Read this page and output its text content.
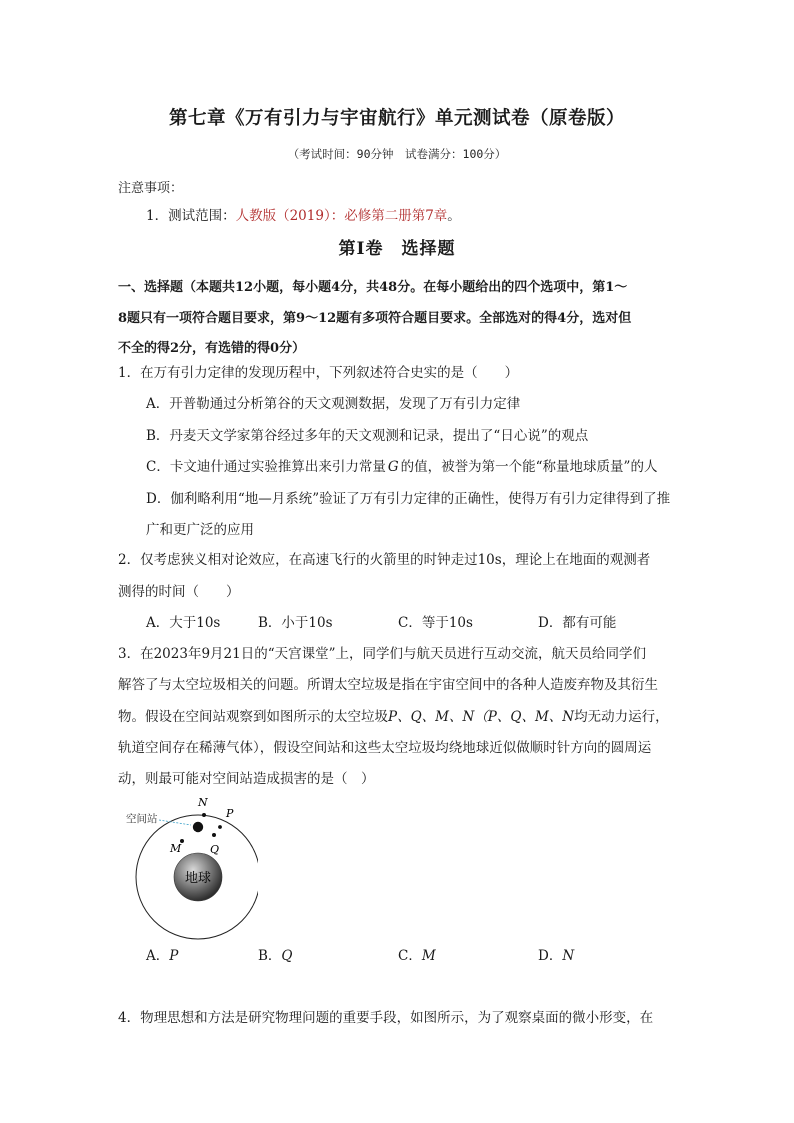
第七章《万有引力与宇宙航行》单元测试卷（原卷版）
（考试时间：90分钟　试卷满分：100分）
注意事项：
1．测试范围：人教版（2019）：必修第二册第7章。
第Ⅰ卷　选择题
一、选择题（本题共12小题，每小题4分，共48分。在每小题给出的四个选项中，第1～
8题只有一项符合题目要求，第9～12题有多项符合题目要求。全部选对的得4分，选对但
不全的得2分，有选错的得0分）
1．在万有引力定律的发现历程中，下列叙述符合史实的是（　　）
A．开普勒通过分析第谷的天文观测数据，发现了万有引力定律
B．丹麦天文学家第谷经过多年的天文观测和记录，提出了“日心说”的观点
C．卡文迪什通过实验推算出来引力常量 G 的值，被誉为第一个能“称量地球质量”的人
D．伽利略利用“地—月系统”验证了万有引力定律的正确性，使得万有引力定律得到了推
广和更广泛的应用
2．仅考虑狭义相对论效应，在高速飞行的火箭里的时钟走过10s，理论上在地面的观测者
测得的时间（　　）
A．大于10s	B．小于10s	C．等于10s	D．都有可能
3．在2023年9月21日的“天宫课堂”上，同学们与航天员进行互动交流，航天员给同学们
解答了与太空垃圾相关的问题。所谓太空垃圾是指在宇宙空间中的各种人造废弃物及其衍生
物。假设在空间站观察到如图所示的太空垃圾P、Q、M、N（P、Q、M、N均无动力运行，
轨道空间存在稀薄气体），假设空间站和这些太空垃圾均绕地球近似做顺时针方向的圆周运
动，则最可能对空间站造成损害的是（　）
地球
空间站
N
P
M	Q
A．P	B．Q	C．M	D．N
4．物理思想和方法是研究物理问题的重要手段，如图所示，为了观察桌面的微小形变，在
